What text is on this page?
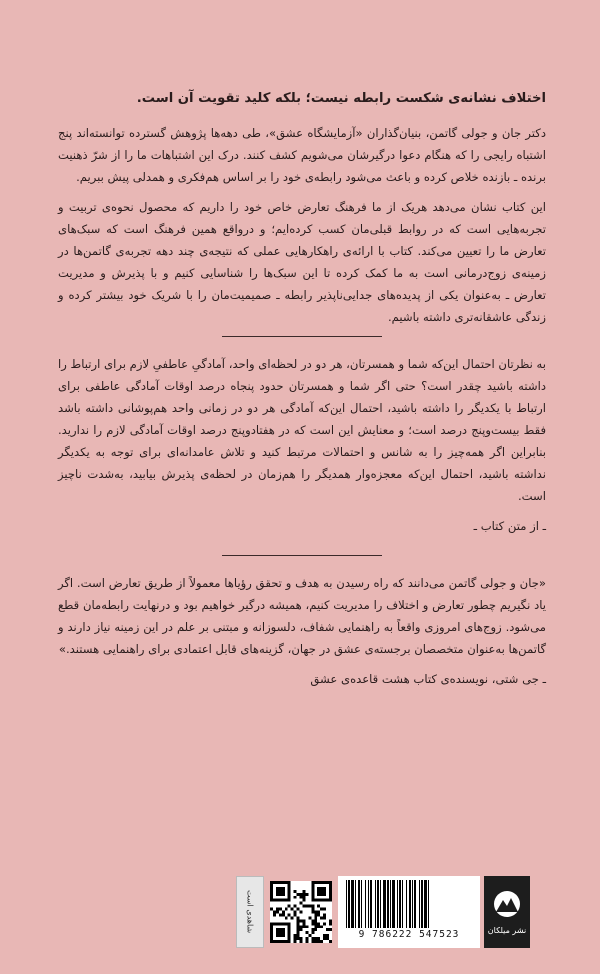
اختلاف نشانه‌ی شکست رابطه نیست؛ بلکه کلید تقویت آن است.

دکتر جان و جولی گاتمن، بنیان‌گذاران «آزمایشگاه عشق»، طی دهه‌ها پژوهش گسترده توانسته‌اند پنج اشتباه رایجی را که هنگام دعوا درگیرشان می‌شویم کشف کنند. درک این اشتباهات ما را از شرّ ذهنیت برنده ـ بازنده خلاص کرده و باعث می‌شود رابطه‌ی خود را بر اساس هم‌فکری و همدلی پیش ببریم.

این کتاب نشان می‌دهد هریک از ما فرهنگ تعارض خاص خود را داریم که محصول نحوه‌ی تربیت و تجربه‌هایی است که در روابط قبلی‌مان کسب کرده‌ایم؛ و درواقع همین فرهنگ است که سبک‌های تعارض ما را تعیین می‌کند. کتاب با ارائه‌ی راهکارهایی عملی که نتیجه‌ی چند دهه تجربه‌ی گاتمن‌ها در زمینه‌ی زوج‌درمانی است به ما کمک کرده تا این سبک‌ها را شناسایی کنیم و با پذیرش و مدیریت تعارض ـ به‌عنوان یکی از پدیده‌های جدایی‌ناپذیر رابطه ـ صمیمیت‌مان را با شریک خود بیشتر کرده و زندگی عاشقانه‌تری داشته باشیم.

به نظرتان احتمال این‌که شما و همسرتان، هر دو در لحظه‌ای واحد، آمادگیِ عاطفیِ لازم برای ارتباط را داشته باشید چقدر است؟ حتی اگر شما و همسرتان حدود پنجاه درصد اوقات آمادگی عاطفی برای ارتباط با یکدیگر را داشته باشید، احتمال این‌که آمادگی هر دو در زمانی واحد هم‌پوشانی داشته باشد فقط بیست‌وپنج درصد است؛ و معنایش این است که در هفتادوپنج درصد اوقات آمادگی لازم را ندارید. بنابراین اگر همه‌چیز را به شانس و احتمالات مرتبط کنید و تلاش عامدانه‌ای برای توجه به یکدیگر نداشته باشید، احتمال این‌که معجزه‌وار همدیگر را هم‌زمان در لحظه‌ی پذیرش بیابید، به‌شدت ناچیز است.

ـ از متن کتاب ـ

«جان و جولی گاتمن می‌دانند که راه رسیدن به هدف و تحقق رؤیاها معمولاً از طریق تعارض است. اگر یاد نگیریم چطور تعارض و اختلاف را مدیریت کنیم، همیشه درگیر خواهیم بود و درنهایت رابطه‌مان قطع می‌شود. زوج‌های امروزی واقعاً به راهنمایی شفاف، دلسوزانه و مبتنی بر علم در این زمینه نیاز دارند و گاتمن‌ها به‌عنوان متخصصان برجسته‌ی عشق در جهان، گزینه‌های قابل اعتمادی برای راهنمایی هستند.»

ـ جی شتی، نویسنده‌ی کتاب هشت قاعده‌ی عشق

شاهدی است
9 786222 547523	نشر میلکان
